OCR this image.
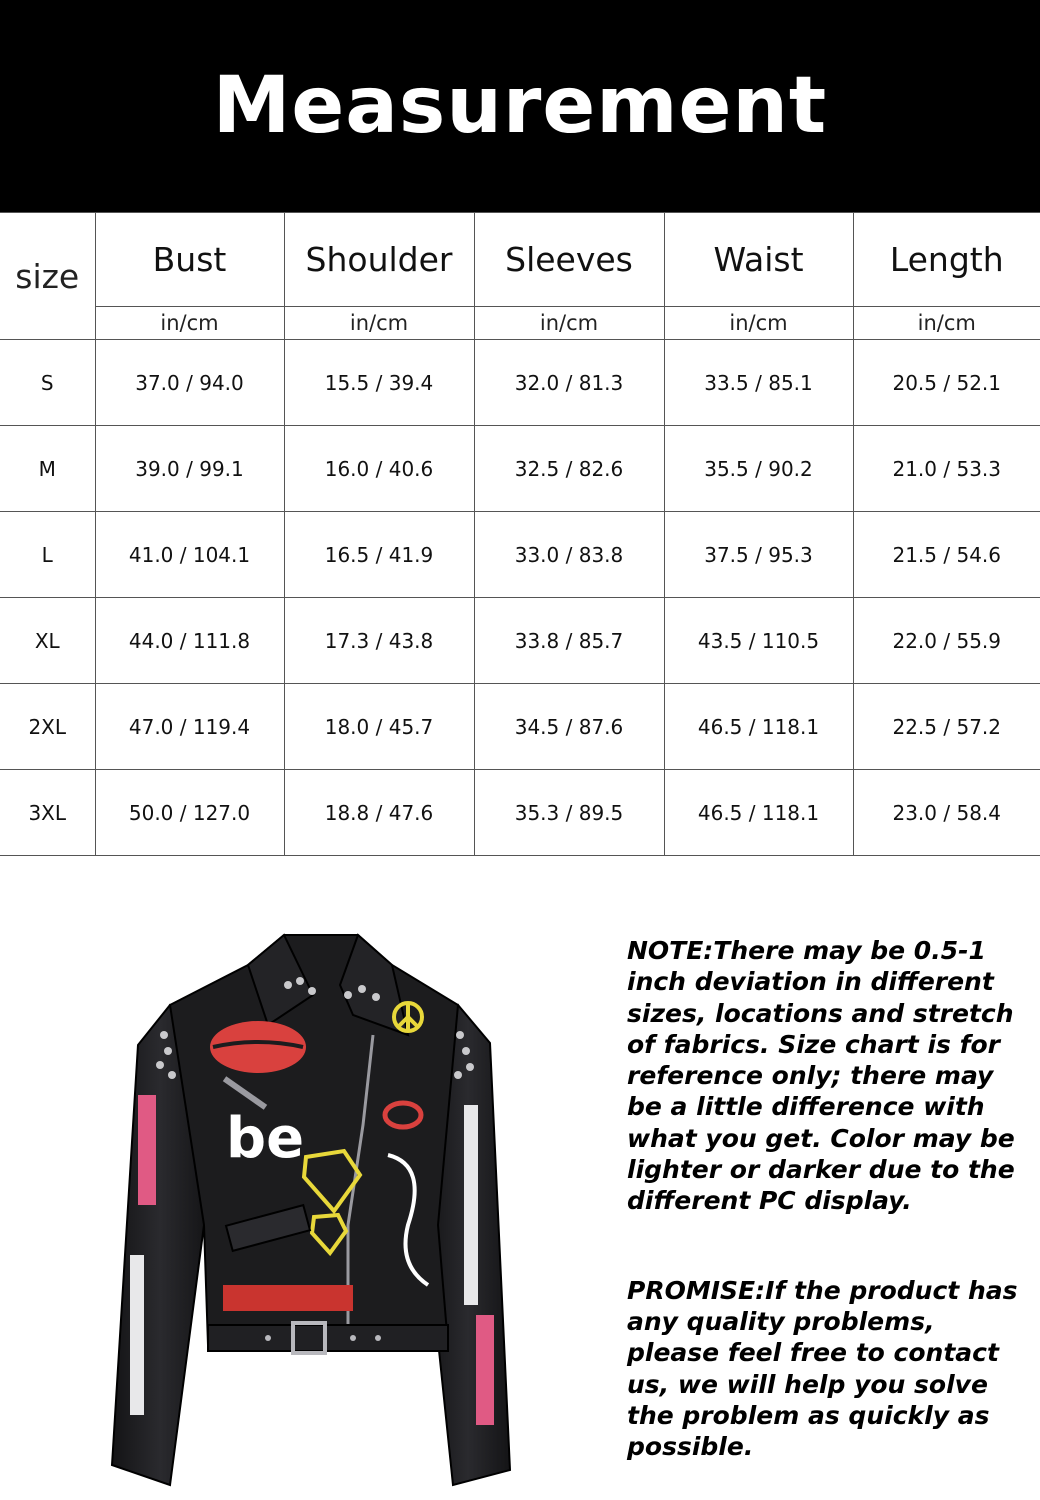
Measurement
size	Bust	Shoulder	Sleeves	Waist	Length
	in/cm	in/cm	in/cm	in/cm	in/cm
S	37.0 / 94.0	15.5 / 39.4	32.0 / 81.3	33.5 / 85.1	20.5 / 52.1
M	39.0 / 99.1	16.0 / 40.6	32.5 / 82.6	35.5 / 90.2	21.0 / 53.3
L	41.0 / 104.1	16.5 / 41.9	33.0 / 83.8	37.5 / 95.3	21.5 / 54.6
XL	44.0 / 111.8	17.3 / 43.8	33.8 / 85.7	43.5 / 110.5	22.0 / 55.9
2XL	47.0 / 119.4	18.0 / 45.7	34.5 / 87.6	46.5 / 118.1	22.5 / 57.2
3XL	50.0 / 127.0	18.8 / 47.6	35.3 / 89.5	46.5 / 118.1	23.0 / 58.4
be

NOTE:There may be 0.5-1 inch deviation in different sizes, locations and stretch of fabrics. Size chart is for reference only; there may be a little difference with what you get. Color may be lighter or darker due to the different PC display.

PROMISE:If the product has any quality problems, please feel free to contact us, we will help you solve the problem as quickly as possible.
